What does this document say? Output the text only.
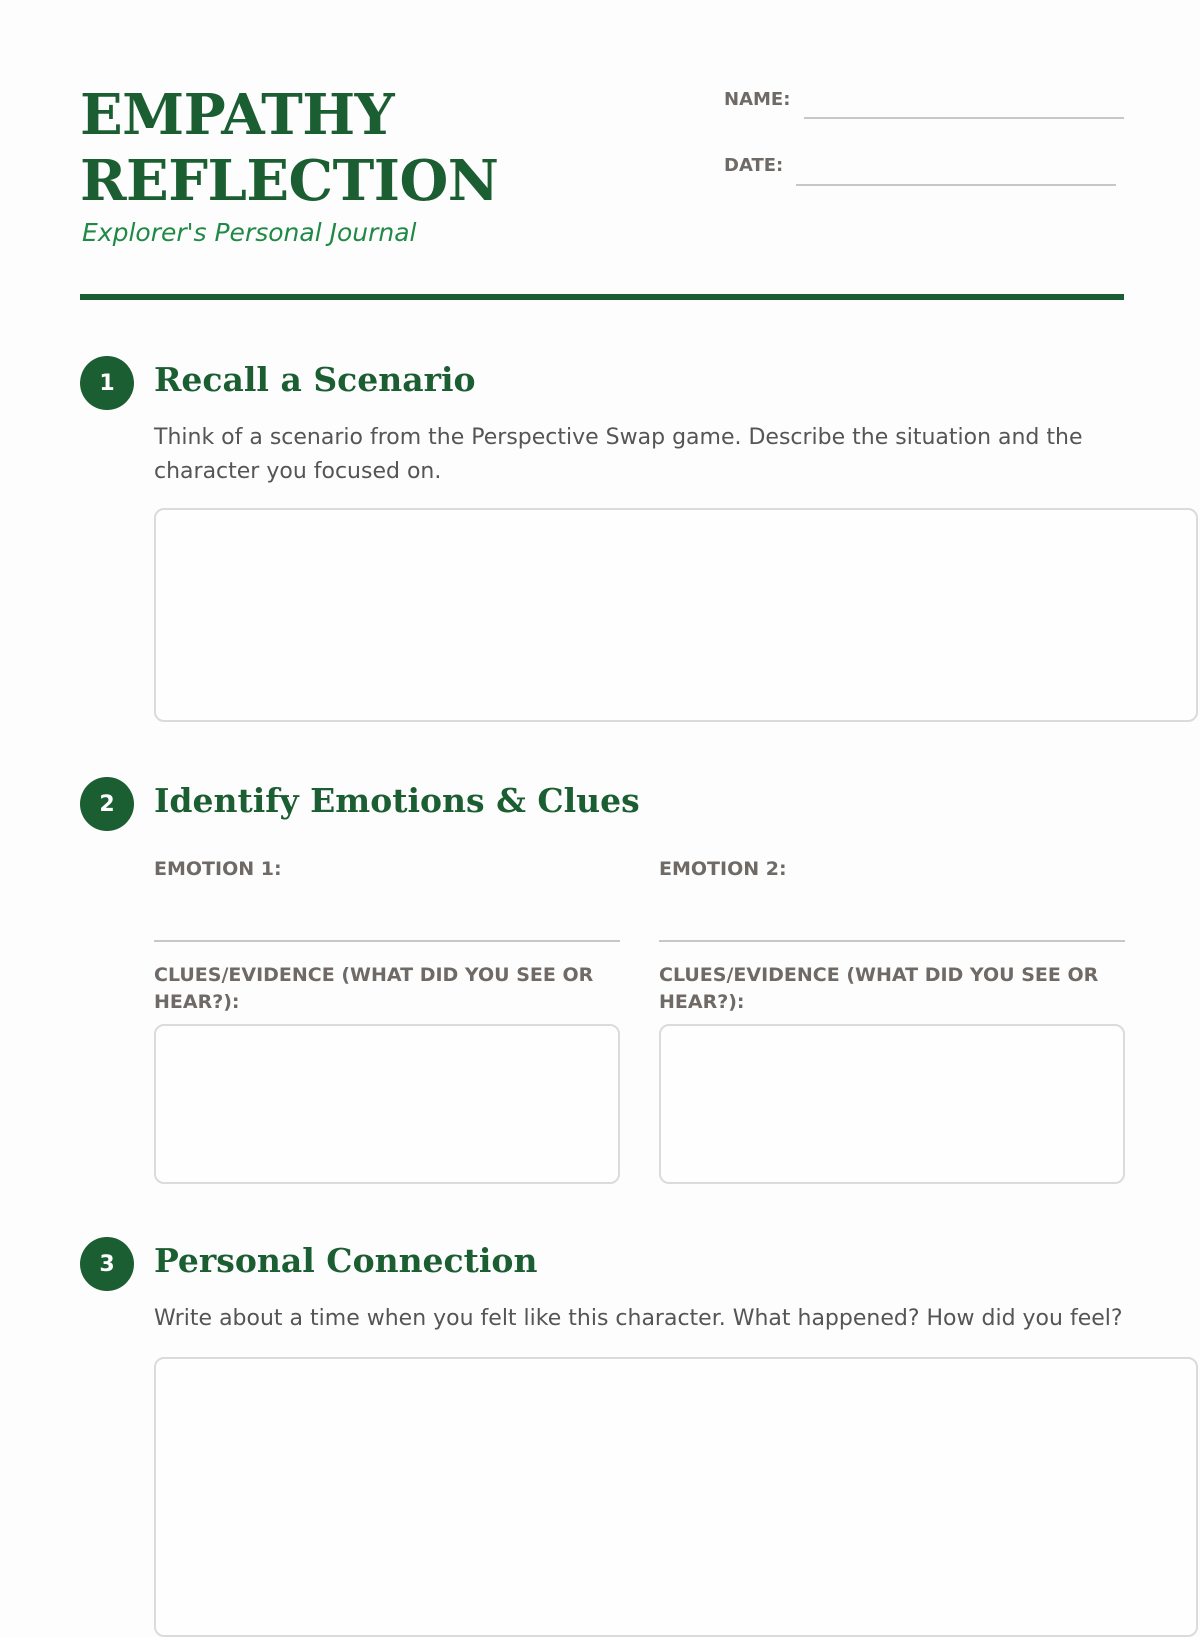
EMPATHY
REFLECTION
Explorer's Personal Journal
NAME:
DATE:
1	Recall a Scenario
Think of a scenario from the Perspective Swap game. Describe the situation and the character you focused on.
2	Identify Emotions & Clues
EMOTION 1:	EMOTION 2:
CLUES/EVIDENCE (WHAT DID YOU SEE OR HEAR?):
CLUES/EVIDENCE (WHAT DID YOU SEE OR HEAR?):
3	Personal Connection
Write about a time when you felt like this character. What happened? How did you feel?
